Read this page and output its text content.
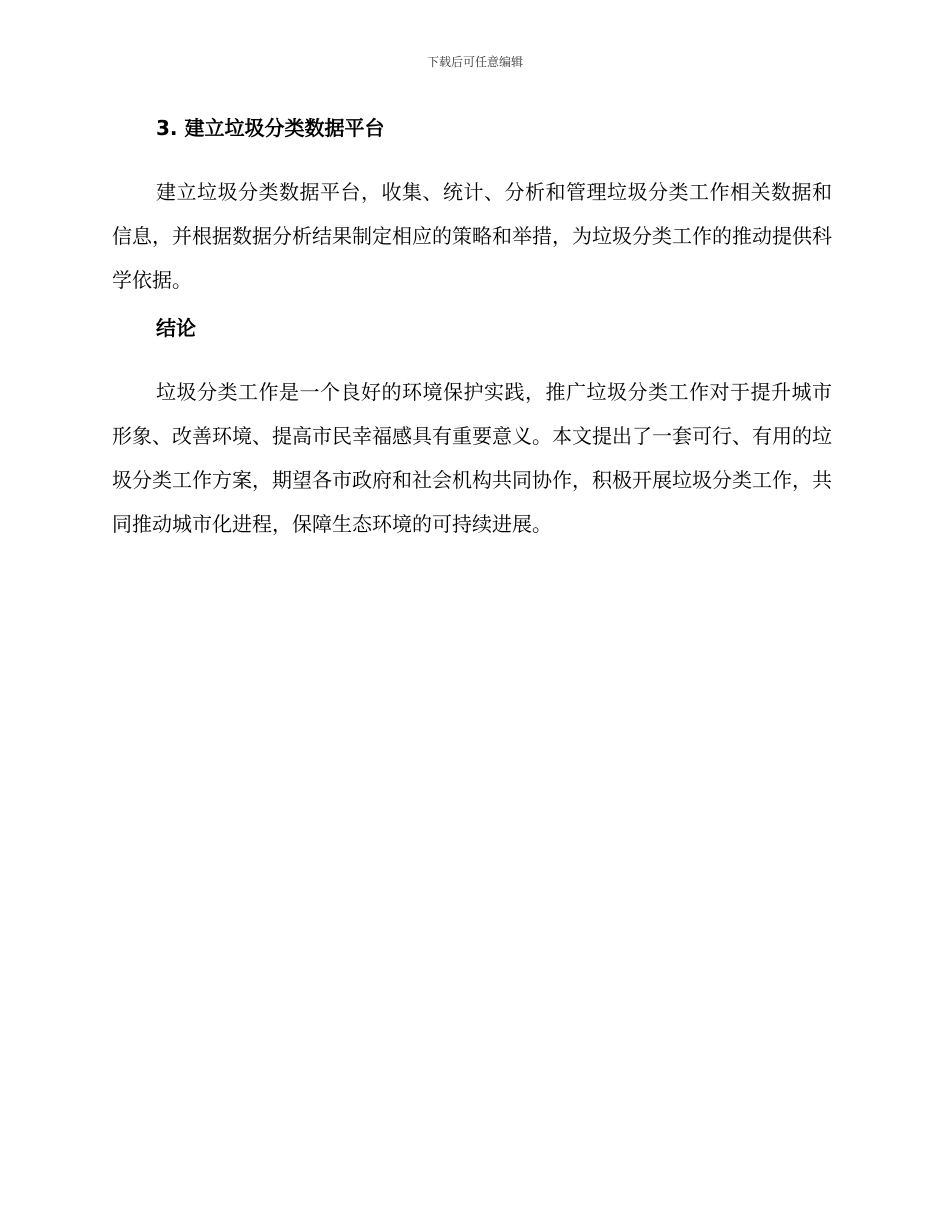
下载后可任意编辑
3. 建立垃圾分类数据平台

建立垃圾分类数据平台，收集、统计、分析和管理垃圾分类工作相关数据和信息，并根据数据分析结果制定相应的策略和举措，为垃圾分类工作的推动提供科学依据。

结论

垃圾分类工作是一个良好的环境保护实践，推广垃圾分类工作对于提升城市形象、改善环境、提高市民幸福感具有重要意义。本文提出了一套可行、有用的垃圾分类工作方案，期望各市政府和社会机构共同协作，积极开展垃圾分类工作，共同推动城市化进程，保障生态环境的可持续进展。
